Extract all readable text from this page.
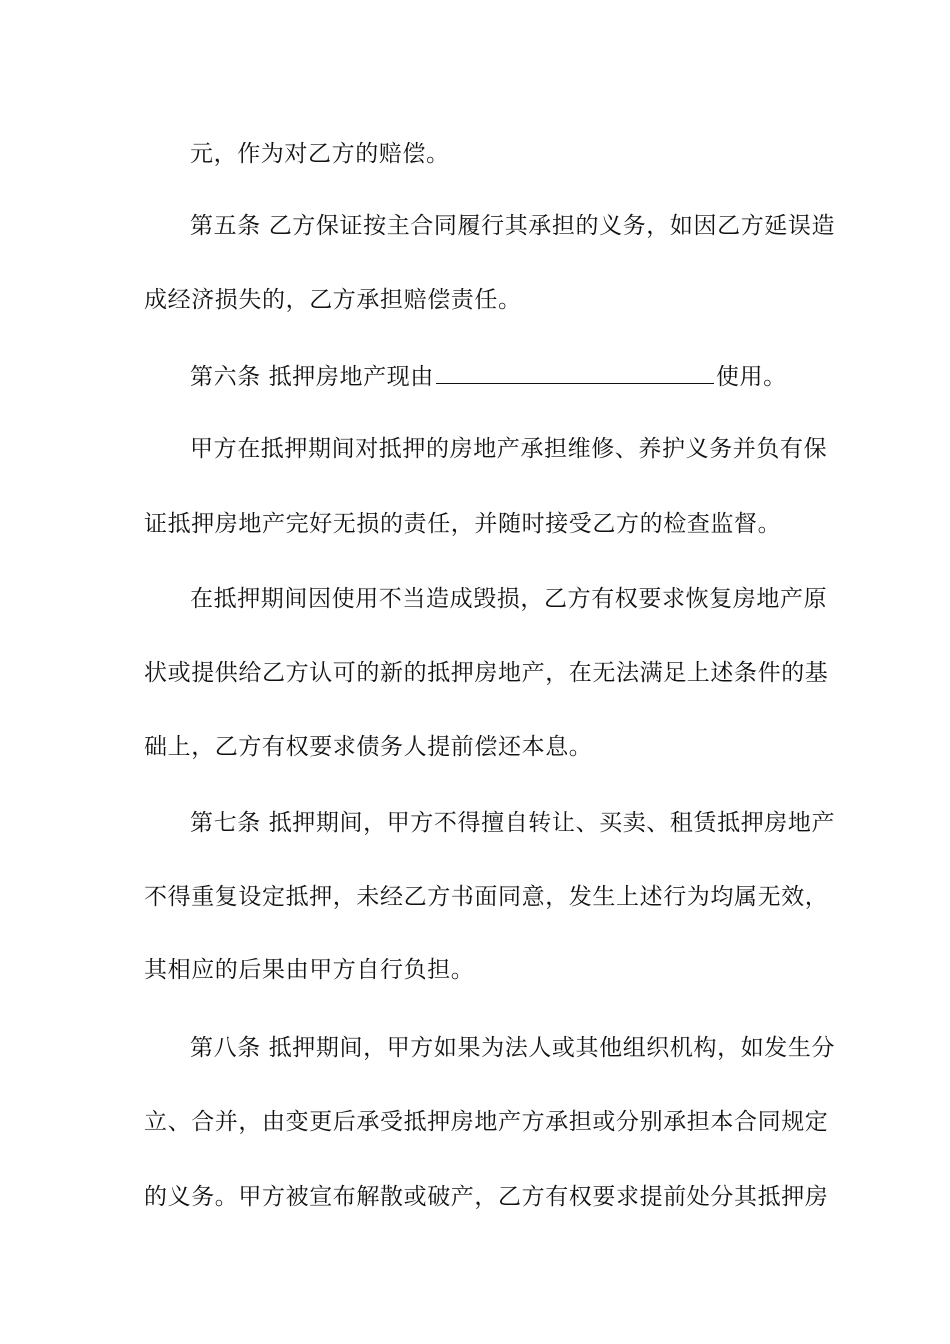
元，作为对乙方的赔偿。
第五条 乙方保证按主合同履行其承担的义务，如因乙方延误造
成经济损失的，乙方承担赔偿责任。
第六条 抵押房地产现由	使用。
甲方在抵押期间对抵押的房地产承担维修、养护义务并负有保
证抵押房地产完好无损的责任，并随时接受乙方的检查监督。
在抵押期间因使用不当造成毁损，乙方有权要求恢复房地产原
状或提供给乙方认可的新的抵押房地产，在无法满足上述条件的基
础上，乙方有权要求债务人提前偿还本息。
第七条 抵押期间，甲方不得擅自转让、买卖、租赁抵押房地产
不得重复设定抵押，未经乙方书面同意，发生上述行为均属无效，
其相应的后果由甲方自行负担。
第八条 抵押期间，甲方如果为法人或其他组织机构，如发生分
立、合并，由变更后承受抵押房地产方承担或分别承担本合同规定
的义务。甲方被宣布解散或破产，乙方有权要求提前处分其抵押房
